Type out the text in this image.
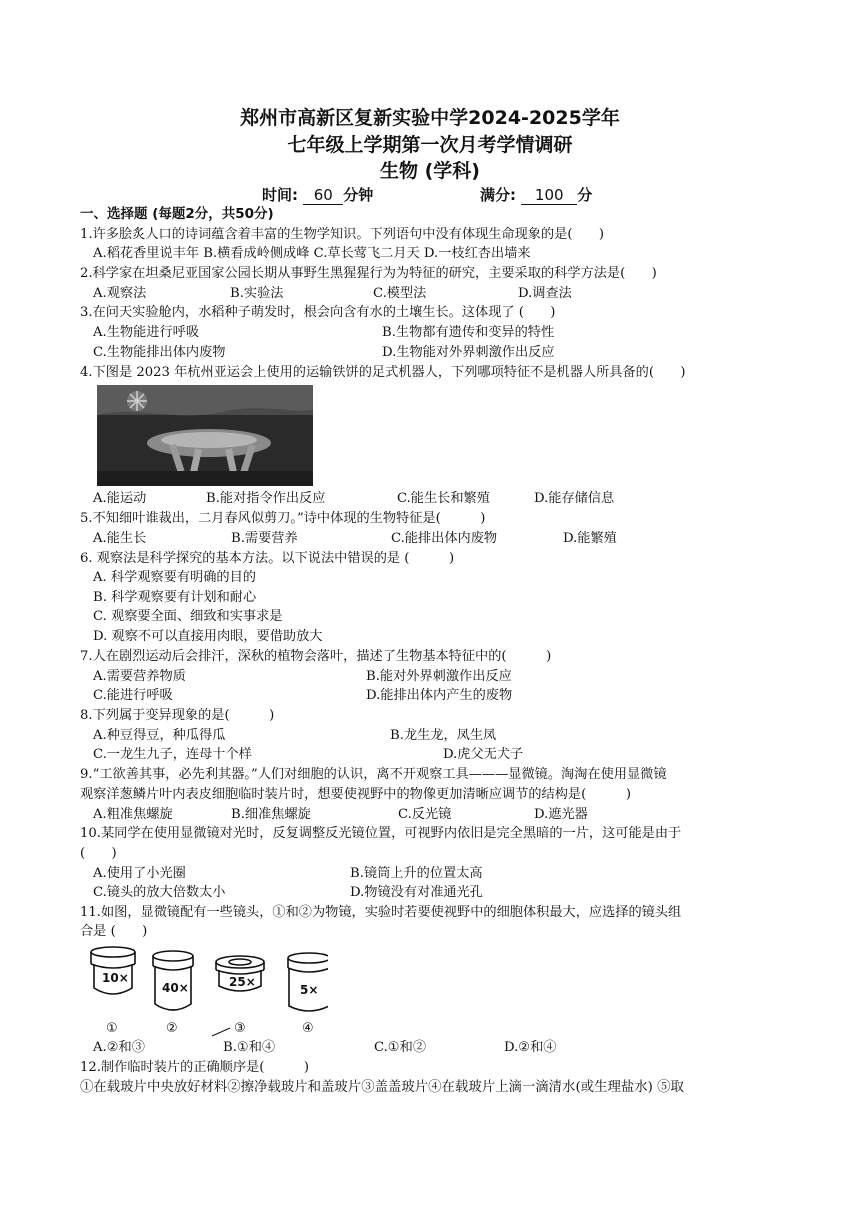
郑州市高新区复新实验中学2024-2025学年
七年级上学期第一次月考学情调研
生物 (学科)
时间: 60 分钟	满分: 100 分
一、选择题 (每题2分，共50分)
1.许多脍炙人口的诗词蕴含着丰富的生物学知识。下列语句中没有体现生命现象的是(　　)
A.稻花香里说丰年 B.横看成岭侧成峰 C.草长莺飞二月天 D.一枝红杏出墙来
2.科学家在坦桑尼亚国家公园长期从事野生黑猩猩行为为特征的研究，主要采取的科学方法是(　　)
A.观察法	B.实验法	C.模型法	D.调查法
3.在问天实验舱内，水稻种子萌发时，根会向含有水的土壤生长。这体现了 (　　)
A.生物能进行呼吸	B.生物都有遗传和变异的特性
C.生物能排出体内废物	D.生物能对外界刺激作出反应
4.下图是 2023 年杭州亚运会上使用的运输铁饼的足式机器人，下列哪项特征不是机器人所具备的(　　)
A.能运动	B.能对指令作出反应	C.能生长和繁殖	D.能存储信息
5.不知细叶谁裁出，二月春风似剪刀。”诗中体现的生物特征是(　　　)
A.能生长	B.需要营养	C.能排出体内废物	D.能繁殖
6. 观察法是科学探究的基本方法。以下说法中错误的是 (　　　)
A. 科学观察要有明确的目的
B. 科学观察要有计划和耐心
C. 观察要全面、细致和实事求是
D. 观察不可以直接用肉眼，要借助放大
7.人在剧烈运动后会排汗，深秋的植物会落叶，描述了生物基本特征中的(　　　)
A.需要营养物质	B.能对外界刺激作出反应
C.能进行呼吸	D.能排出体内产生的废物
8.下列属于变异现象的是(　　　)
A.种豆得豆，种瓜得瓜	B.龙生龙，凤生凤
C.一龙生九子，连母十个样	D.虎父无犬子
9.“工欲善其事，必先利其器。”人们对细胞的认识，离不开观察工具———显微镜。淘淘在使用显微镜
观察洋葱鳞片叶内表皮细胞临时装片时，想要使视野中的物像更加清晰应调节的结构是(　　　)
A.粗准焦螺旋	B.细准焦螺旋	C.反光镜	D.遮光器
10.某同学在使用显微镜对光时，反复调整反光镜位置，可视野内依旧是完全黑暗的一片，这可能是由于
(　　)
A.使用了小光圈	B.镜筒上升的位置太高
C.镜头的放大倍数太小	D.物镜没有对准通光孔
11.如图，显微镜配有一些镜头，①和②为物镜，实验时若要使视野中的细胞体积最大，应选择的镜头组
合是 (　　)
10×
①
40×
②
25×
③
5×
④
A.②和③	B.①和④	C.①和②	D.②和④
12.制作临时装片的正确顺序是(　　　)
①在载玻片中央放好材料②擦净载玻片和盖玻片③盖盖玻片④在载玻片上滴一滴清水(或生理盐水) ⑤取
